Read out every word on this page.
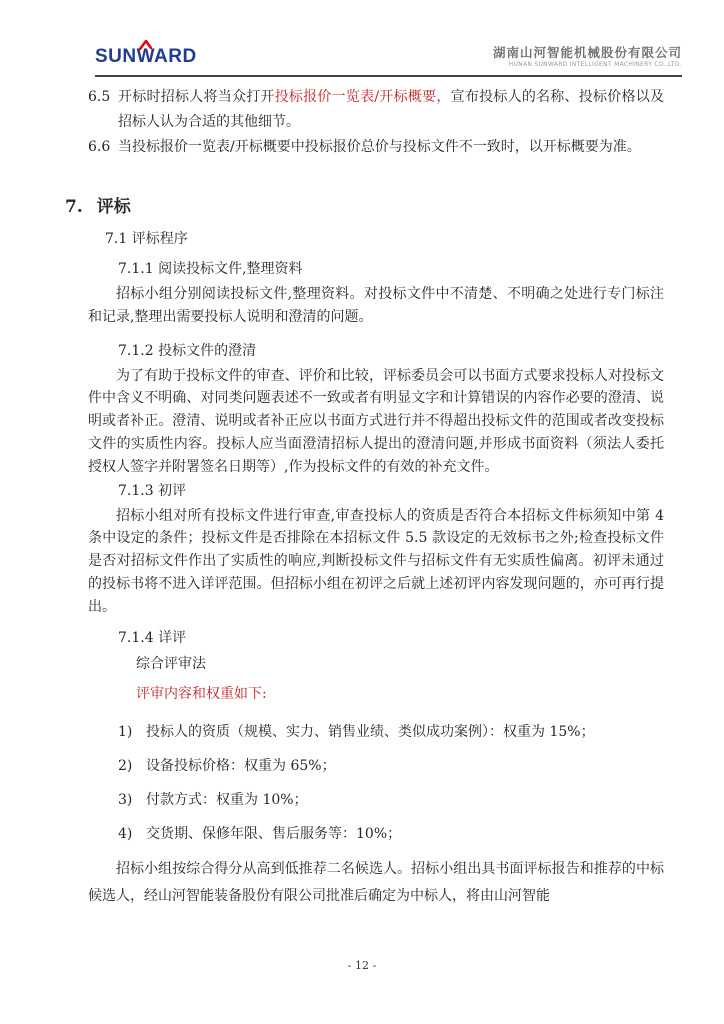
SUNWARD	湖南山河智能机械股份有限公司
HUNAN SUNWARD INTELLIGENT MACHINERY CO.,LTD.
6.5 开标时招标人将当众打开投标报价一览表/开标概要，宣布投标人的名称、投标价格以及招标人认为合适的其他细节。
6.6 当投标报价一览表/开标概要中投标报价总价与投标文件不一致时，以开标概要为准。
7. 评标
7.1 评标程序
7.1.1 阅读投标文件,整理资料

招标小组分别阅读投标文件,整理资料。对投标文件中不清楚、不明确之处进行专门标注和记录,整理出需要投标人说明和澄清的问题。

7.1.2 投标文件的澄清

为了有助于投标文件的审查、评价和比较，评标委员会可以书面方式要求投标人对投标文件中含义不明确、对同类问题表述不一致或者有明显文字和计算错误的内容作必要的澄清、说明或者补正。澄清、说明或者补正应以书面方式进行并不得超出投标文件的范围或者改变投标文件的实质性内容。投标人应当面澄清招标人提出的澄清问题,并形成书面资料（须法人委托授权人签字并附署签名日期等）,作为投标文件的有效的补充文件。

7.1.3 初评

招标小组对所有投标文件进行审查,审查投标人的资质是否符合本招标文件标须知中第 4 条中设定的条件；投标文件是否排除在本招标文件 5.5 款设定的无效标书之外;检查投标文件是否对招标文件作出了实质性的响应,判断投标文件与招标文件有无实质性偏离。初评未通过的投标书将不进入详评范围。但招标小组在初评之后就上述初评内容发现问题的，亦可再行提出。

7.1.4 详评
综合评审法
评审内容和权重如下:
1) 投标人的资质（规模、实力、销售业绩、类似成功案例）：权重为 15%；
2) 设备投标价格：权重为 65%；
3) 付款方式：权重为 10%；
4) 交货期、保修年限、售后服务等：10%；

招标小组按综合得分从高到低推荐二名候选人。招标小组出具书面评标报告和推荐的中标候选人，经山河智能装备股份有限公司批准后确定为中标人，将由山河智能

- 12 -
